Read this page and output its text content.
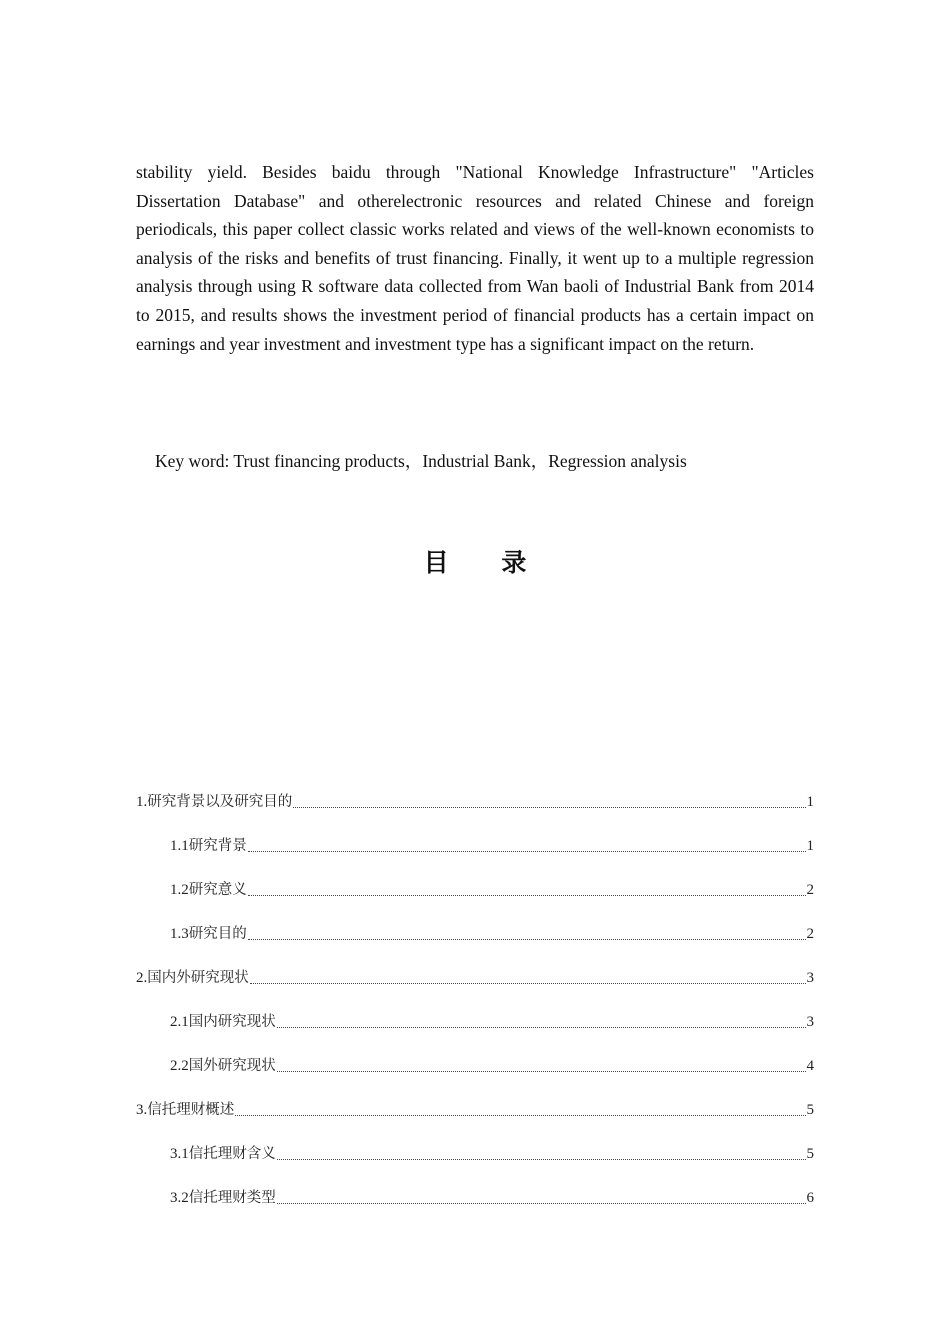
stability yield. Besides baidu through "National Knowledge Infrastructure" "Articles Dissertation Database" and otherelectronic resources and related Chinese and foreign periodicals, this paper collect classic works related and views of the well-known economists to analysis of the risks and benefits of trust financing. Finally, it went up to a multiple regression analysis through using R software data collected from Wan baoli of Industrial Bank from 2014 to 2015, and results shows the investment period of financial products has a certain impact on earnings and year investment and investment type has a significant impact on the return.

Key word: Trust financing products，Industrial Bank，Regression analysis

目 录
1. 研究背景以及研究目的	1
1.1 研究背景	1
1.2 研究意义	2
1.3 研究目的	2
2. 国内外研究现状	3
2.1 国内研究现状	3
2.2 国外研究现状	4
3. 信托理财概述	5
3.1 信托理财含义	5
3.2 信托理财类型	6
